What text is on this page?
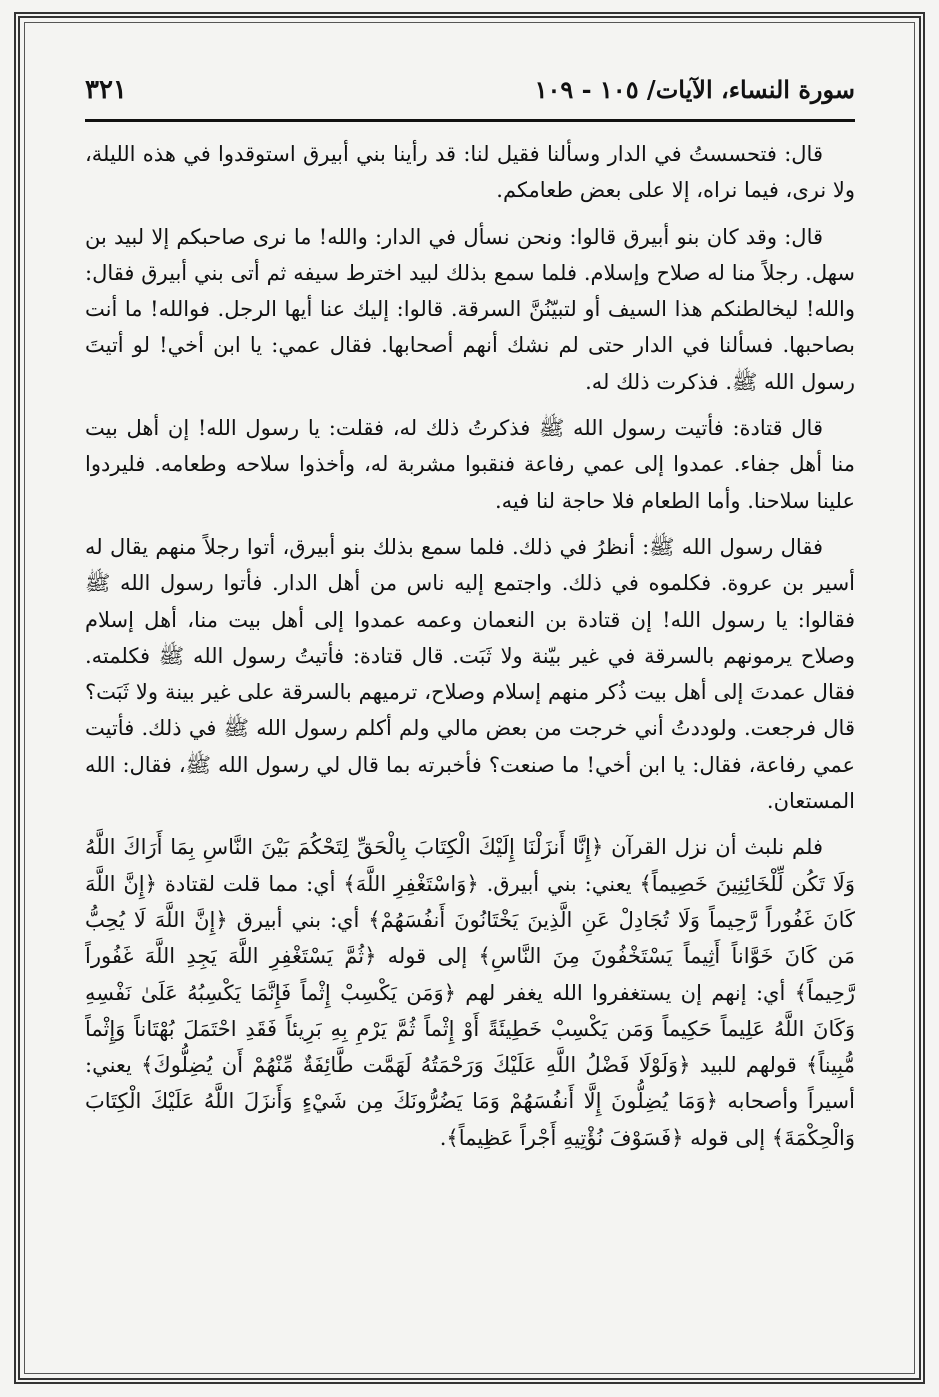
سورة النساء، الآيات/ ١٠٥ - ١٠٩
٣٢١

قال: فتحسستُ في الدار وسألنا فقيل لنا: قد رأينا بني أبيرق استوقدوا في هذه الليلة، ولا نرى، فيما نراه، إلا على بعض طعامكم.

قال: وقد كان بنو أبيرق قالوا: ونحن نسأل في الدار: والله! ما نرى صاحبكم إلا لبيد بن سهل. رجلاً منا له صلاح وإسلام. فلما سمع بذلك لبيد اخترط سيفه ثم أتى بني أبيرق فقال: والله! ليخالطنكم هذا السيف أو لتبيّنُنَّ السرقة. قالوا: إليك عنا أيها الرجل. فوالله! ما أنت بصاحبها. فسألنا في الدار حتى لم نشك أنهم أصحابها. فقال عمي: يا ابن أخي! لو أتيتَ رسول الله ﷺ. فذكرت ذلك له.

قال قتادة: فأتيت رسول الله ﷺ فذكرتُ ذلك له، فقلت: يا رسول الله! إن أهل بيت منا أهل جفاء. عمدوا إلى عمي رفاعة فنقبوا مشربة له، وأخذوا سلاحه وطعامه. فليردوا علينا سلاحنا. وأما الطعام فلا حاجة لنا فيه.

فقال رسول الله ﷺ: أنظرُ في ذلك. فلما سمع بذلك بنو أبيرق، أتوا رجلاً منهم يقال له أسير بن عروة. فكلموه في ذلك. واجتمع إليه ناس من أهل الدار. فأتوا رسول الله ﷺ فقالوا: يا رسول الله! إن قتادة بن النعمان وعمه عمدوا إلى أهل بيت منا، أهل إسلام وصلاح يرمونهم بالسرقة في غير بيّنة ولا ثَبَت. قال قتادة: فأتيتُ رسول الله ﷺ فكلمته. فقال عمدتَ إلى أهل بيت ذُكر منهم إسلام وصلاح، ترميهم بالسرقة على غير بينة ولا ثَبَت؟ قال فرجعت. ولوددتُ أني خرجت من بعض مالي ولم أكلم رسول الله ﷺ في ذلك. فأتيت عمي رفاعة، فقال: يا ابن أخي! ما صنعت؟ فأخبرته بما قال لي رسول الله ﷺ، فقال: الله المستعان.

فلم نلبث أن نزل القرآن ﴿إِنَّا أَنزَلْنَا إِلَيْكَ الْكِتَابَ بِالْحَقِّ لِتَحْكُمَ بَيْنَ النَّاسِ بِمَا أَرَاكَ اللَّهُ وَلَا تَكُن لِّلْخَائِنِينَ خَصِيماً﴾ يعني: بني أبيرق. ﴿وَاسْتَغْفِرِ اللَّهَ﴾ أي: مما قلت لقتادة ﴿إِنَّ اللَّهَ كَانَ غَفُوراً رَّحِيماً وَلَا تُجَادِلْ عَنِ الَّذِينَ يَخْتَانُونَ أَنفُسَهُمْ﴾ أي: بني أبيرق ﴿إِنَّ اللَّهَ لَا يُحِبُّ مَن كَانَ خَوَّاناً أَثِيماً يَسْتَخْفُونَ مِنَ النَّاسِ﴾ إلى قوله ﴿ثُمَّ يَسْتَغْفِرِ اللَّهَ يَجِدِ اللَّهَ غَفُوراً رَّحِيماً﴾ أي: إنهم إن يستغفروا الله يغفر لهم ﴿وَمَن يَكْسِبْ إِثْماً فَإِنَّمَا يَكْسِبُهُ عَلَىٰ نَفْسِهِ وَكَانَ اللَّهُ عَلِيماً حَكِيماً وَمَن يَكْسِبْ خَطِيئَةً أَوْ إِثْماً ثُمَّ يَرْمِ بِهِ بَرِيئاً فَقَدِ احْتَمَلَ بُهْتَاناً وَإِثْماً مُّبِيناً﴾ قولهم للبيد ﴿وَلَوْلَا فَضْلُ اللَّهِ عَلَيْكَ وَرَحْمَتُهُ لَهَمَّت طَّائِفَةٌ مِّنْهُمْ أَن يُضِلُّوكَ﴾ يعني: أسيراً وأصحابه ﴿وَمَا يُضِلُّونَ إِلَّا أَنفُسَهُمْ وَمَا يَضُرُّونَكَ مِن شَيْءٍ وَأَنزَلَ اللَّهُ عَلَيْكَ الْكِتَابَ وَالْحِكْمَةَ﴾ إلى قوله ﴿فَسَوْفَ نُؤْتِيهِ أَجْراً عَظِيماً﴾.
